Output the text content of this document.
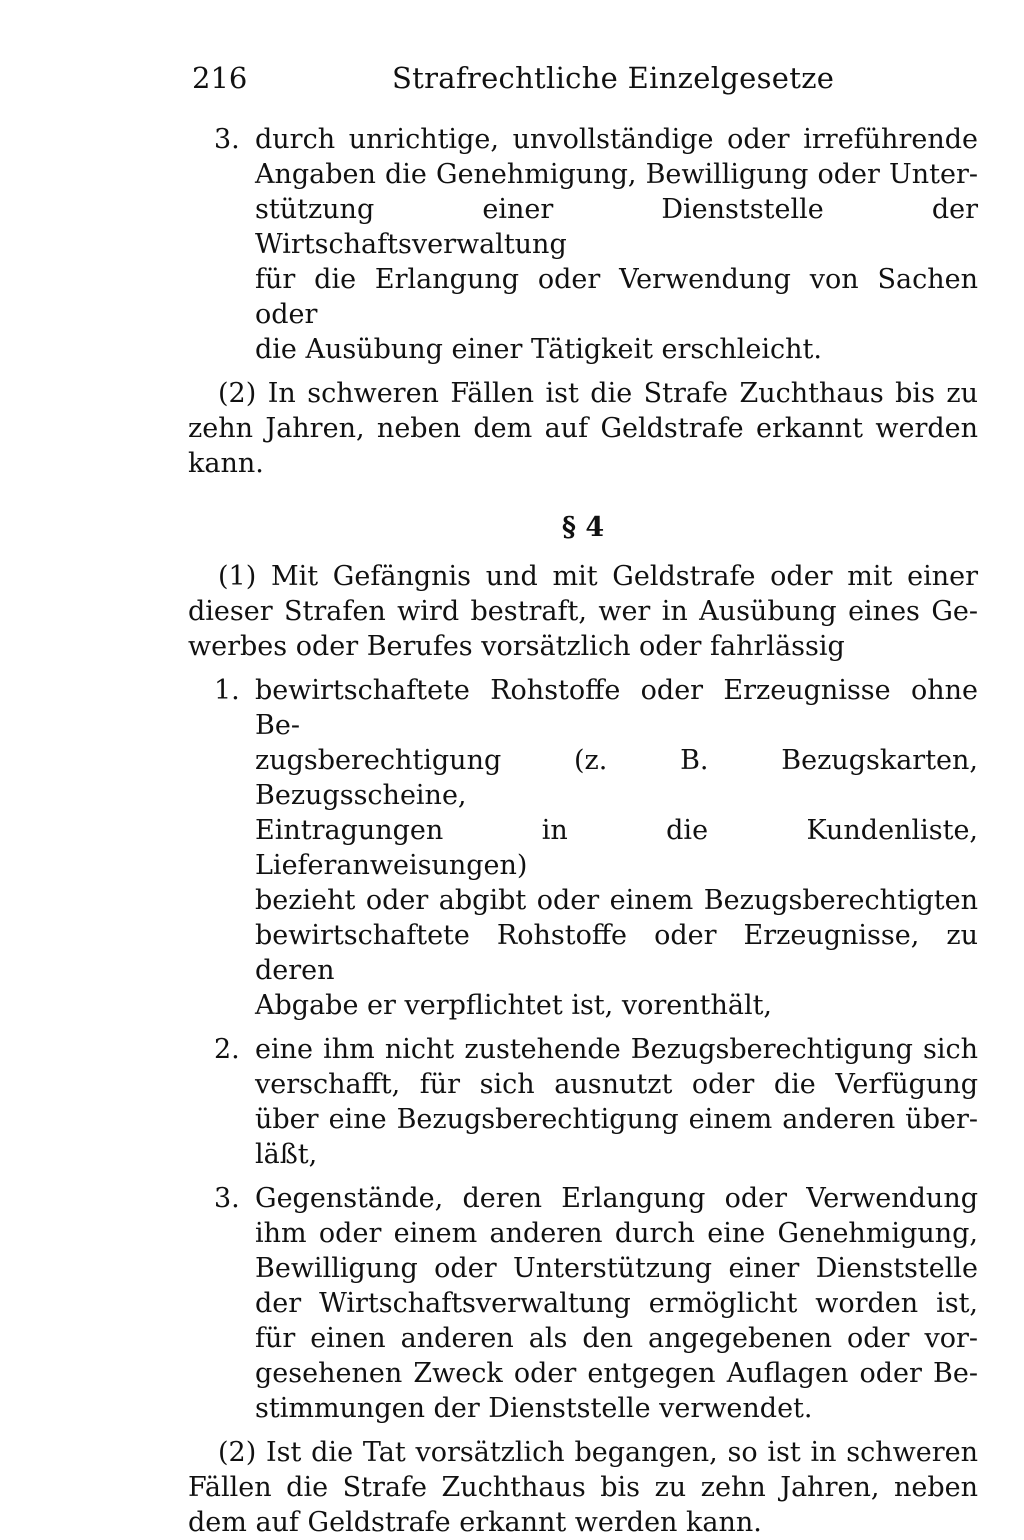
216	Strafrechtliche Einzelgesetze
3. durch unrichtige, unvollständige oder irreführende
Angaben die Genehmigung, Bewilligung oder Unter-
stützung einer Dienststelle der Wirtschaftsverwaltung
für die Erlangung oder Verwendung von Sachen oder
die Ausübung einer Tätigkeit erschleicht.
(2) In schweren Fällen ist die Strafe Zuchthaus bis zu
zehn Jahren, neben dem auf Geldstrafe erkannt werden
kann.
§ 4
(1) Mit Gefängnis und mit Geldstrafe oder mit einer
dieser Strafen wird bestraft, wer in Ausübung eines Ge-
werbes oder Berufes vorsätzlich oder fahrlässig
1. bewirtschaftete Rohstoffe oder Erzeugnisse ohne Be-
zugsberechtigung (z. B. Bezugskarten, Bezugsscheine,
Eintragungen in die Kundenliste, Lieferanweisungen)
bezieht oder abgibt oder einem Bezugsberechtigten
bewirtschaftete Rohstoffe oder Erzeugnisse, zu deren
Abgabe er verpflichtet ist, vorenthält,
2. eine ihm nicht zustehende Bezugsberechtigung sich
verschafft, für sich ausnutzt oder die Verfügung
über eine Bezugsberechtigung einem anderen über-
läßt,
3. Gegenstände, deren Erlangung oder Verwendung
ihm oder einem anderen durch eine Genehmigung,
Bewilligung oder Unterstützung einer Dienststelle
der Wirtschaftsverwaltung ermöglicht worden ist,
für einen anderen als den angegebenen oder vor-
gesehenen Zweck oder entgegen Auflagen oder Be-
stimmungen der Dienststelle verwendet.
(2) Ist die Tat vorsätzlich begangen, so ist in schweren
Fällen die Strafe Zuchthaus bis zu zehn Jahren, neben
dem auf Geldstrafe erkannt werden kann.
